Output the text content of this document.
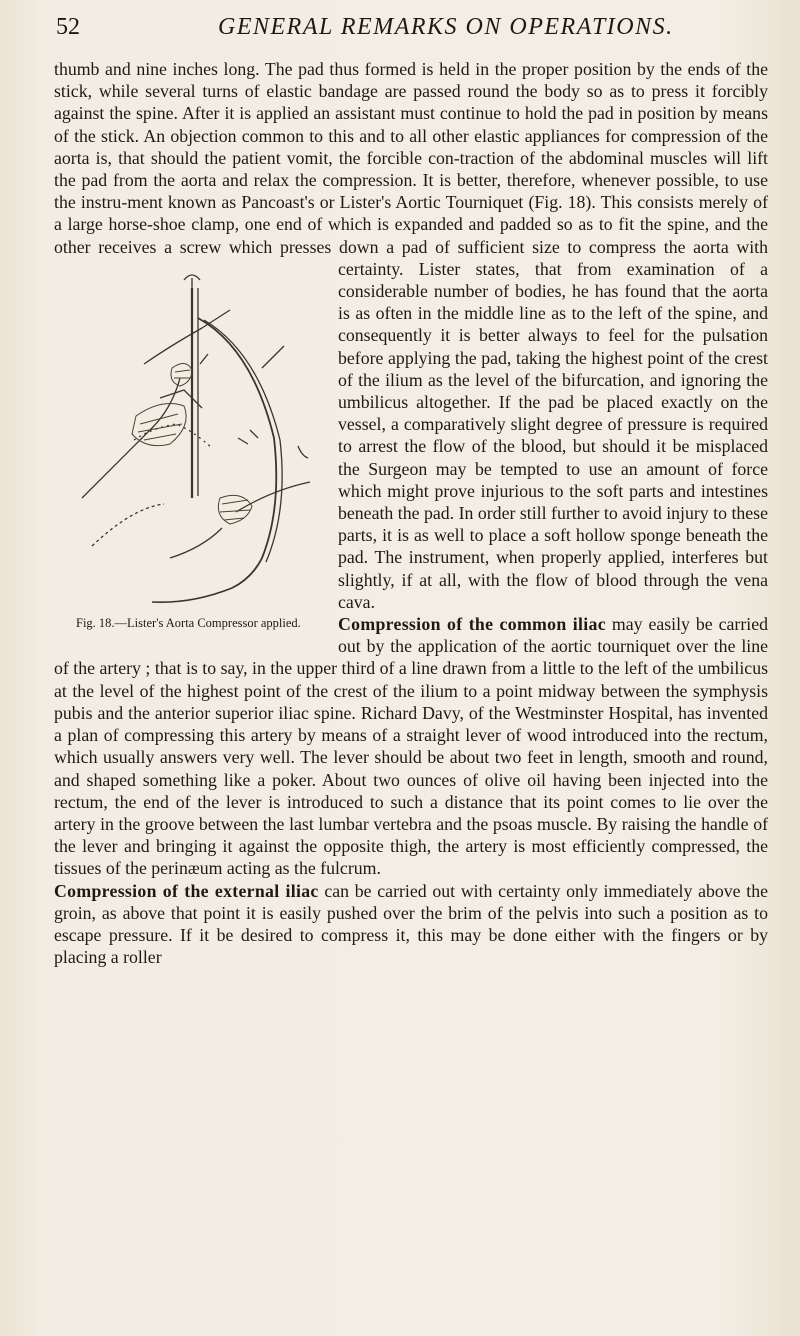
52	GENERAL REMARKS ON OPERATIONS.

thumb and nine inches long. The pad thus formed is held in the proper position by the ends of the stick, while several turns of elastic bandage are passed round the body so as to press it forcibly against the spine. After it is applied an assistant must continue to hold the pad in position by means of the stick. An objection common to this and to all other elastic appliances for compression of the aorta is, that should the patient vomit, the forcible con-traction of the abdominal muscles will lift the pad from the aorta and relax the compression. It is better, therefore, whenever possible, to use the instru-ment known as Pancoast's or Lister's Aortic Tourniquet (Fig. 18). This consists merely of a large horse-shoe clamp, one end of which is expanded and padded so as to fit the spine, and the other receives a screw which presses down a pad of sufficient size to compress the aorta with certainty. Lister states,
Fig. 18.—Lister's Aorta Compressor applied.
that from examination of a considerable number of bodies, he has found that the aorta is as often in the middle line as to the left of the spine, and consequently it is better always to feel for the pulsation before applying the pad, taking the highest point of the crest of the ilium as the level of the bifurcation, and ignoring the umbilicus altogether. If the pad be placed exactly on the vessel, a comparatively slight degree of pressure is required to arrest the flow of the blood, but should it be misplaced the Surgeon may be tempted to use an amount of force which might prove injurious to the soft parts and intestines beneath the pad. In order still further to avoid injury to these parts, it is as well to place a soft hollow sponge beneath the pad. The instrument, when properly applied, interferes but slightly, if at all, with the flow of blood through the vena cava.

Compression of the common iliac may easily be carried out by the application of the aortic tourniquet over the line of the artery ; that is to say, in the upper third of a line drawn from a little to the left of the umbilicus at the level of the highest point of the crest of the ilium to a point midway between the symphysis pubis and the anterior superior iliac spine. Richard Davy, of the Westminster Hospital, has invented a plan of compressing this artery by means of a straight lever of wood introduced into the rectum, which usually answers very well. The lever should be about two feet in length, smooth and round, and shaped something like a poker. About two ounces of olive oil having been injected into the rectum, the end of the lever is introduced to such a distance that its point comes to lie over the artery in the groove between the last lumbar vertebra and the psoas muscle. By raising the handle of the lever and bringing it against the opposite thigh, the artery is most efficiently compressed, the tissues of the perinæum acting as the fulcrum.

Compression of the external iliac can be carried out with certainty only immediately above the groin, as above that point it is easily pushed over the brim of the pelvis into such a position as to escape pressure. If it be desired to compress it, this may be done either with the fingers or by placing a roller
